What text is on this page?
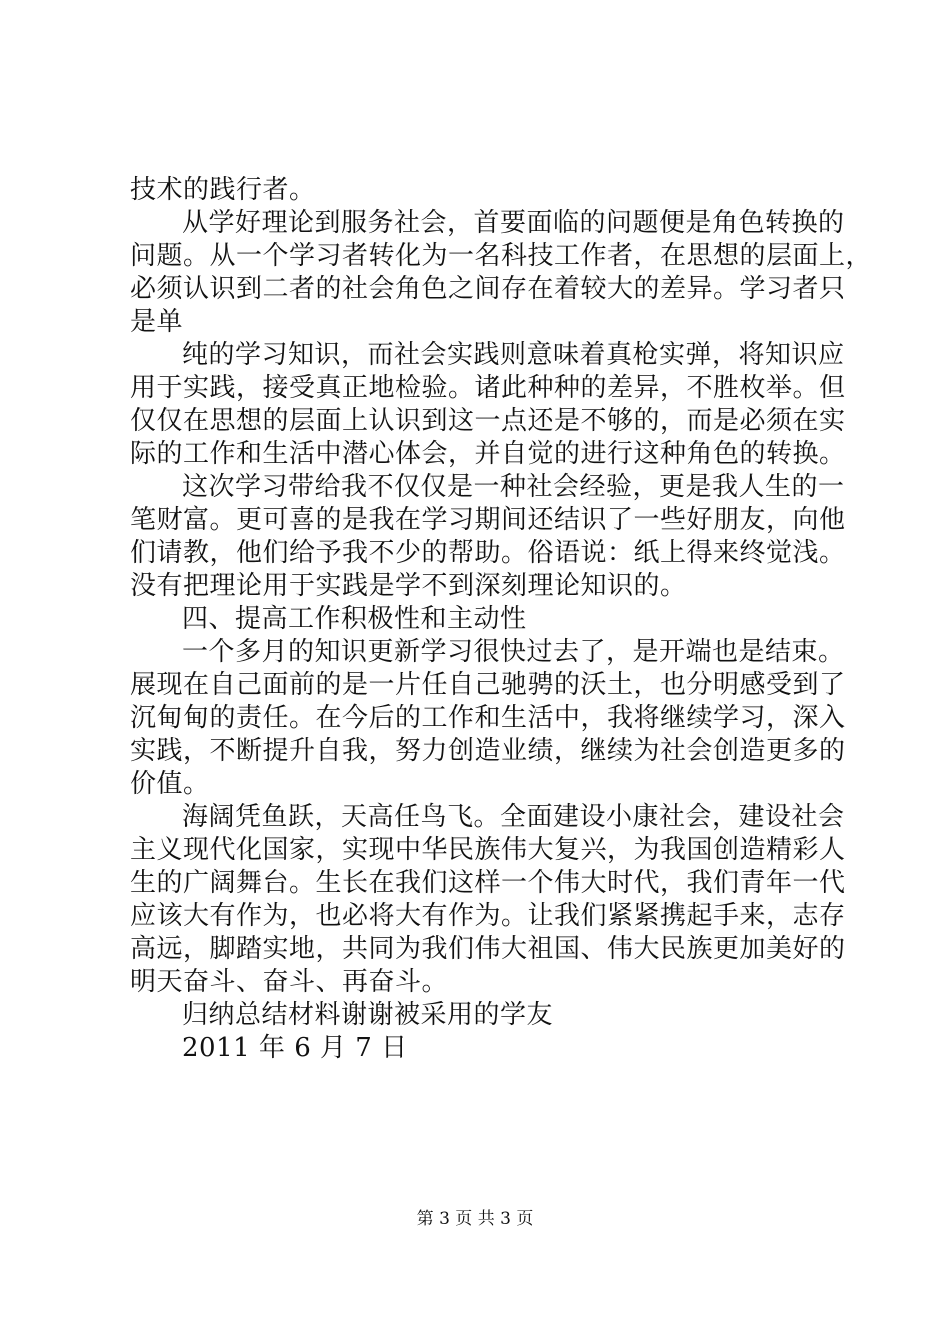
技术的践行者。
从学好理论到服务社会，首要面临的问题便是角色转换的
问题。从一个学习者转化为一名科技工作者，在思想的层面上，
必须认识到二者的社会角色之间存在着较大的差异。学习者只
是单
纯的学习知识，而社会实践则意味着真枪实弹，将知识应
用于实践，接受真正地检验。诸此种种的差异，不胜枚举。但
仅仅在思想的层面上认识到这一点还是不够的，而是必须在实
际的工作和生活中潜心体会，并自觉的进行这种角色的转换。
这次学习带给我不仅仅是一种社会经验，更是我人生的一
笔财富。更可喜的是我在学习期间还结识了一些好朋友，向他
们请教，他们给予我不少的帮助。俗语说：纸上得来终觉浅。
没有把理论用于实践是学不到深刻理论知识的。
四、提高工作积极性和主动性
一个多月的知识更新学习很快过去了，是开端也是结束。
展现在自己面前的是一片任自己驰骋的沃土，也分明感受到了
沉甸甸的责任。在今后的工作和生活中，我将继续学习，深入
实践，不断提升自我，努力创造业绩，继续为社会创造更多的
价值。
海阔凭鱼跃，天高任鸟飞。全面建设小康社会，建设社会
主义现代化国家，实现中华民族伟大复兴，为我国创造精彩人
生的广阔舞台。生长在我们这样一个伟大时代，我们青年一代
应该大有作为，也必将大有作为。让我们紧紧携起手来，志存
高远，脚踏实地，共同为我们伟大祖国、伟大民族更加美好的
明天奋斗、奋斗、再奋斗。
归纳总结材料谢谢被采用的学友
2011 年 6 月 7 日
第 3 页 共 3 页
